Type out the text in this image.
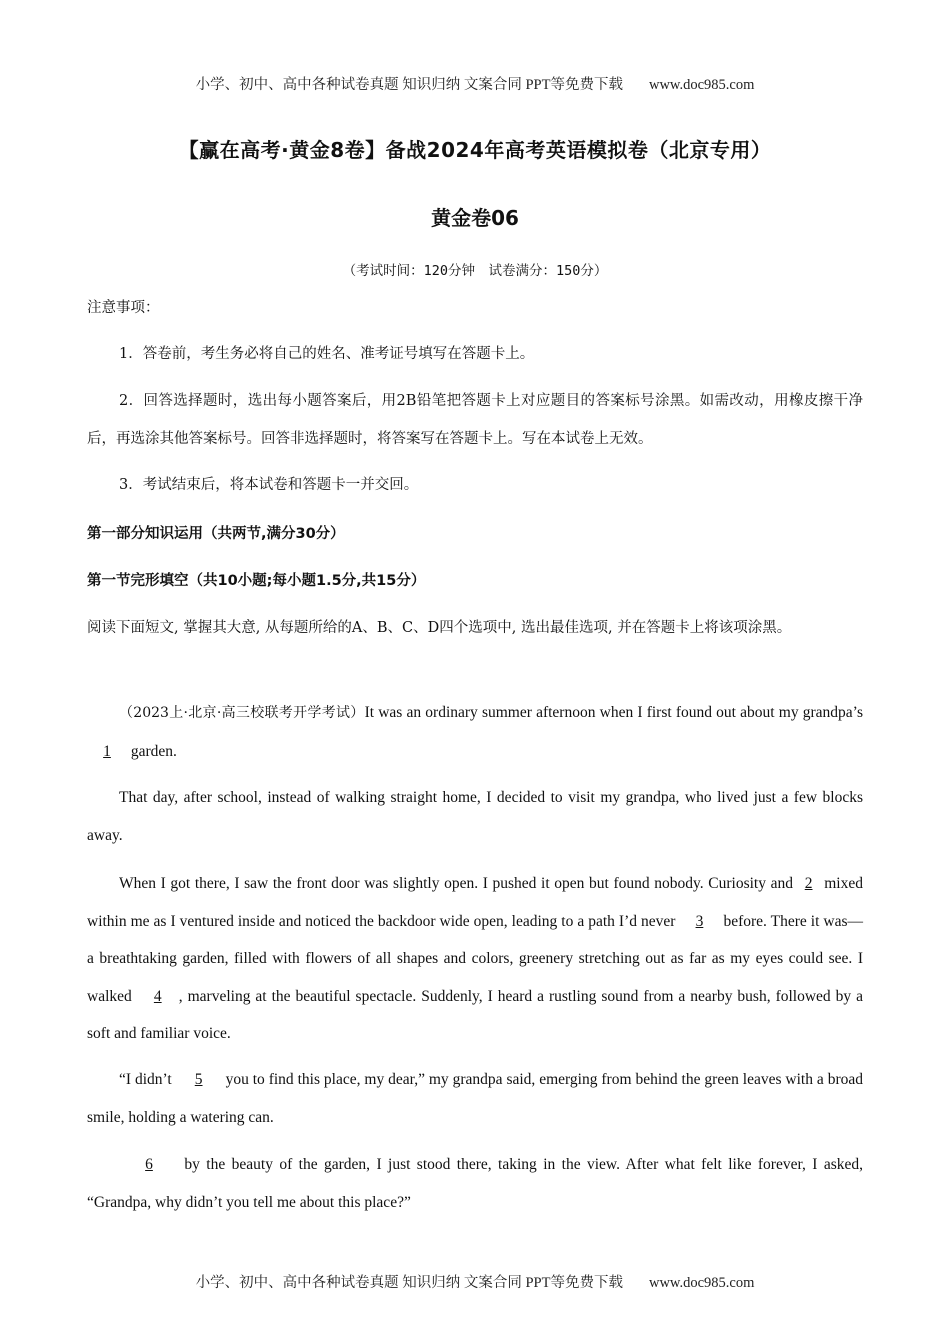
小学、初中、高中各种试卷真题 知识归纳 文案合同 PPT等免费下载 www.doc985.com
【赢在高考·黄金8卷】备战2024年高考英语模拟卷（北京专用）
黄金卷06
（考试时间：120分钟　试卷满分：150分）
注意事项：
1．答卷前，考生务必将自己的姓名、准考证号填写在答题卡上。
2．回答选择题时，选出每小题答案后，用2B铅笔把答题卡上对应题目的答案标号涂黑。如需改动，用橡皮擦干净后，再选涂其他答案标号。回答非选择题时，将答案写在答题卡上。写在本试卷上无效。
3．考试结束后，将本试卷和答题卡一并交回。
第一部分知识运用（共两节,满分30分）
第一节完形填空（共10小题;每小题1.5分,共15分）
阅读下面短文, 掌握其大意, 从每题所给的A、B、C、D四个选项中, 选出最佳选项, 并在答题卡上将该项涂黑。
（2023上·北京·高三校联考开学考试）It was an ordinary summer afternoon when I first found out about my grandpa’s 1 garden.
That day, after school, instead of walking straight home, I decided to visit my grandpa, who lived just a few blocks away.
When I got there, I saw the front door was slightly open. I pushed it open but found nobody. Curiosity and 2 mixed within me as I ventured inside and noticed the backdoor wide open, leading to a path I’d never 3 before. There it was—a breathtaking garden, filled with flowers of all shapes and colors, greenery stretching out as far as my eyes could see. I walked 4 , marveling at the beautiful spectacle. Suddenly, I heard a rustling sound from a nearby bush, followed by a soft and familiar voice.
“I didn’t 5 you to find this place, my dear,” my grandpa said, emerging from behind the green leaves with a broad smile, holding a watering can.
6 by the beauty of the garden, I just stood there, taking in the view. After what felt like forever, I asked, “Grandpa, why didn’t you tell me about this place?”
小学、初中、高中各种试卷真题 知识归纳 文案合同 PPT等免费下载 www.doc985.com
